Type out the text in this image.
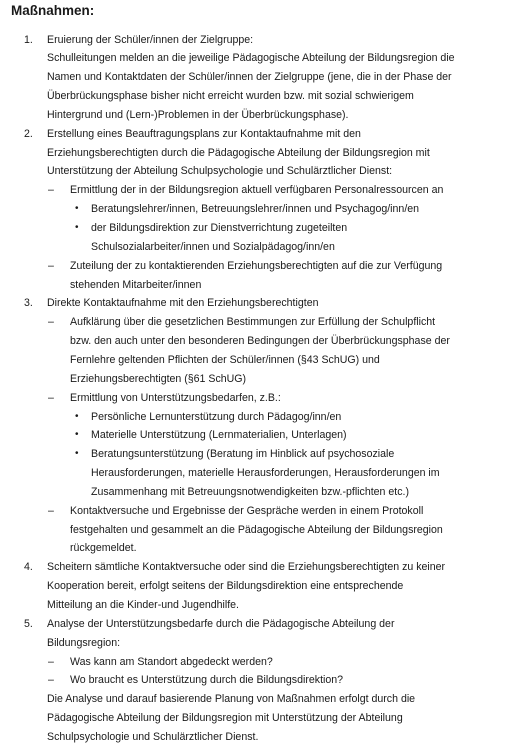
Maßnahmen:
1. Eruierung der Schüler/innen der Zielgruppe:
Schulleitungen melden an die jeweilige Pädagogische Abteilung der Bildungsregion die
Namen und Kontaktdaten der Schüler/innen der Zielgruppe (jene, die in der Phase der
Überbrückungsphase bisher nicht erreicht wurden bzw. mit sozial schwierigem
Hintergrund und (Lern-)Problemen in der Überbrückungsphase).
2. Erstellung eines Beauftragungsplans zur Kontaktaufnahme mit den
Erziehungsberechtigten durch die Pädagogische Abteilung der Bildungsregion mit
Unterstützung der Abteilung Schulpsychologie und Schulärztlicher Dienst:
– Ermittlung der in der Bildungsregion aktuell verfügbaren Personalressourcen an
• Beratungslehrer/innen, Betreuungslehrer/innen und Psychagog/inn/en
• der Bildungsdirektion zur Dienstverrichtung zugeteilten
Schulsozialarbeiter/innen und Sozialpädagog/inn/en
– Zuteilung der zu kontaktierenden Erziehungsberechtigten auf die zur Verfügung
stehenden Mitarbeiter/innen
3. Direkte Kontaktaufnahme mit den Erziehungsberechtigten
– Aufklärung über die gesetzlichen Bestimmungen zur Erfüllung der Schulpflicht
bzw. den auch unter den besonderen Bedingungen der Überbrückungsphase der
Fernlehre geltenden Pflichten der Schüler/innen (§43 SchUG) und
Erziehungsberechtigten (§61 SchUG)
– Ermittlung von Unterstützungsbedarfen, z.B.:
• Persönliche Lernunterstützung durch Pädagog/inn/en
• Materielle Unterstützung (Lernmaterialien, Unterlagen)
• Beratungsunterstützung (Beratung im Hinblick auf psychosoziale
Herausforderungen, materielle Herausforderungen, Herausforderungen im
Zusammenhang mit Betreuungsnotwendigkeiten bzw.-pflichten etc.)
– Kontaktversuche und Ergebnisse der Gespräche werden in einem Protokoll
festgehalten und gesammelt an die Pädagogische Abteilung der Bildungsregion
rückgemeldet.
4. Scheitern sämtliche Kontaktversuche oder sind die Erziehungsberechtigten zu keiner
Kooperation bereit, erfolgt seitens der Bildungsdirektion eine entsprechende
Mitteilung an die Kinder-und Jugendhilfe.
5. Analyse der Unterstützungsbedarfe durch die Pädagogische Abteilung der
Bildungsregion:
– Was kann am Standort abgedeckt werden?
– Wo braucht es Unterstützung durch die Bildungsdirektion?
Die Analyse und darauf basierende Planung von Maßnahmen erfolgt durch die
Pädagogische Abteilung der Bildungsregion mit Unterstützung der Abteilung
Schulpsychologie und Schulärztlicher Dienst.
